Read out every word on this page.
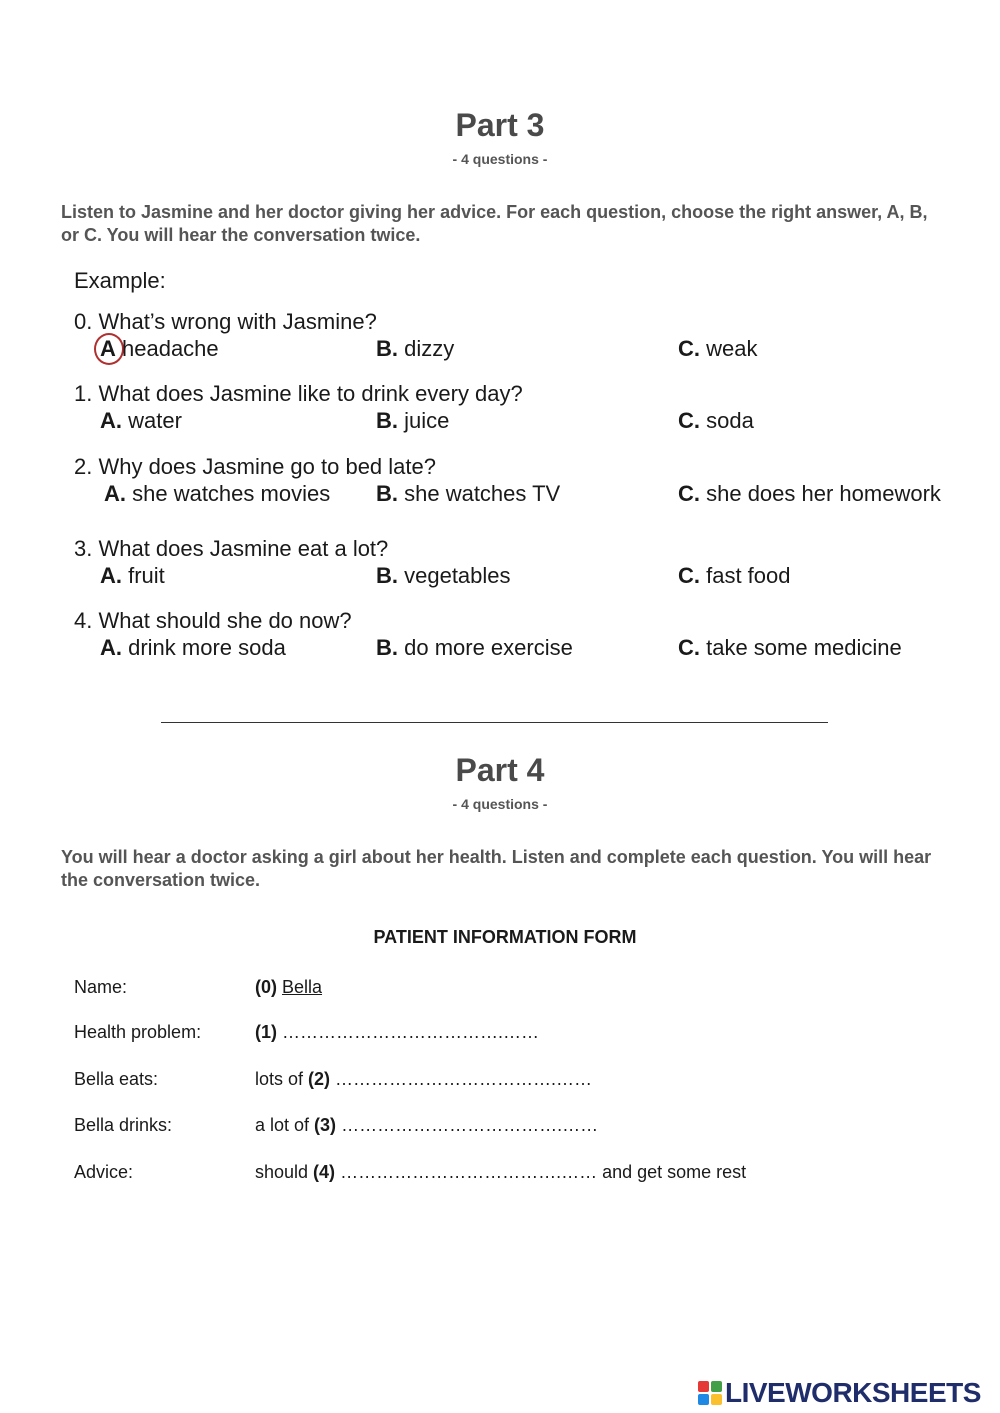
Part 3
- 4 questions -
Listen to Jasmine and her doctor giving her advice. For each question, choose the right answer, A, B, or C. You will hear the conversation twice.
Example:
0. What’s wrong with Jasmine?
A headache	B. dizzy	C. weak
1. What does Jasmine like to drink every day?
A. water	B. juice	C. soda
2. Why does Jasmine go to bed late?
A. she watches movies B. she watches TV	C. she does her homework
3. What does Jasmine eat a lot?
A. fruit	B. vegetables	C. fast food
4. What should she do now?
A. drink more soda	B. do more exercise	C. take some medicine
Part 4
- 4 questions -
You will hear a doctor asking a girl about her health. Listen and complete each question. You will hear the conversation twice.
PATIENT INFORMATION FORM
Name:	(0) Bella
Health problem:	(1) ……………………………….……
Bella eats:	lots of (2) ……………………………….……
Bella drinks:	a lot of (3) ……………………………….……
Advice:	should (4) ……………………………….…… and get some rest
LIVEWORKSHEETS
